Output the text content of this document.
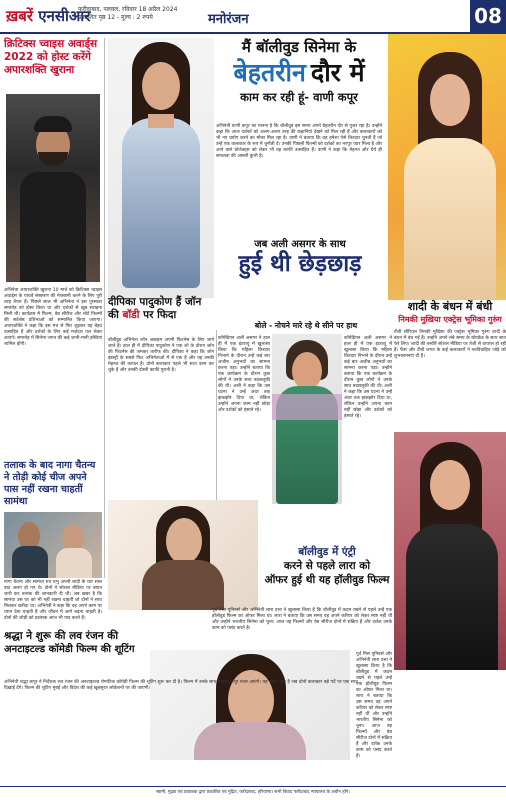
ख़बरें एनसीआर
फरीदाबाद, पलवल, रविवार 18 अप्रैल 2024
प्रकाशित पृष्ठ 12 - मूल्य : 2 रुपये	मनोरंजन	08
क्रिटिक्स च्वाइस अवार्ड्स 2022 को होस्ट करेंगे अपारशक्ति खुराना
अभिनेता अपारशक्ति खुराना 10 मार्च को क्रिटिक्स च्वाइस अवार्ड्स के पांचवें संस्करण की मेजबानी करने के लिए पूरी तरह तैयार हैं। पिछले साल भी अभिनेता ने इस पुरस्कार समारोह को होस्ट किया था और दर्शकों से खूब सराहना मिली थी। कार्यक्रम में फिल्म, वेब सीरीज और शॉर्ट फिल्मों की सर्वश्रेष्ठ प्रतिभाओं को सम्मानित किया जाएगा। अपारशक्ति ने कहा कि इस मंच से फिर जुड़कर वह बेहद उत्साहित हैं और दर्शकों के लिए कई मजेदार पल लेकर आएंगे। समारोह में सिनेमा जगत की कई जानी-मानी हस्तियां शामिल होंगी।
तलाक के बाद नागा चैतन्य ने तोड़ी कोई चीज अपने पास नहीं रखना चाहतीं सामंथा
नागा चैतन्य और सामंथा रुथ प्रभु अपनी शादी के चार साल बाद अलग हो गए थे। दोनों ने सोशल मीडिया पर बयान जारी कर तलाक की जानकारी दी थी। अब खबर है कि सामंथा उस घर को भी नहीं रखना चाहतीं जो दोनों ने साथ मिलकर खरीदा था। अभिनेत्री ने कहा कि वह अपने काम पर ध्यान देना चाहती हैं और जीवन में आगे बढ़ना चाहती हैं। दोनों की जोड़ी को प्रशंसक आज भी याद करते हैं।
मैं बॉलीवुड सिनेमा के
बेहतरीन दौर में
काम कर रही हूं- वाणी कपूर
अभिनेत्री वाणी कपूर का मानना है कि बॉलीवुड इस समय अपने बेहतरीन दौर से गुजर रहा है। उन्होंने कहा कि आज दर्शकों को अलग-अलग तरह की कहानियां देखने को मिल रही हैं और कलाकारों को भी नए प्रयोग करने का मौका मिल रहा है। वाणी ने बताया कि वह हमेशा ऐसे किरदार चुनती हैं जो उन्हें एक कलाकार के रूप में चुनौती दें। उनकी पिछली फिल्मों को दर्शकों का भरपूर प्यार मिला है और आने वाले प्रोजेक्ट्स को लेकर भी वह काफी उत्साहित हैं। वाणी ने कहा कि मेहनत और धैर्य ही सफलता की असली कुंजी है।
जब अली असगर के साथ
हुई थी छेड़छाड़
दीपिका पादुकोण हैं जॉन की बॉडी पर फिदा
बॉलीवुड अभिनेता जॉन अब्राहम अपनी फिटनेस के लिए जाने जाते हैं। हाल ही में दीपिका पादुकोण ने एक शो के दौरान जॉन की फिटनेस की जमकर तारीफ की। दीपिका ने कहा कि जॉन इंडस्ट्री के सबसे फिट अभिनेताओं में से एक हैं और वह उनकी मेहनत की कायल हैं। दोनों कलाकार पहले भी साथ काम कर चुके हैं और उनकी दोस्ती काफी पुरानी है।
बोले - नोचने मारे रहे थे सीने पर हाथ
कॉमेडियन अली असगर ने हाल ही में एक इंटरव्यू में खुलासा किया कि महिला किरदार निभाने के दौरान उन्हें कई बार अजीब अनुभवों का सामना करना पड़ा। उन्होंने बताया कि एक कार्यक्रम के दौरान कुछ लोगों ने उनके साथ बदसलूकी की थी। अली ने कहा कि उस घटना ने उन्हें अंदर तक झकझोर दिया था, लेकिन उन्होंने अपना काम नहीं छोड़ा और दर्शकों को हंसाते रहे।
कॉमेडियन अली असगर ने हाल ही में एक इंटरव्यू में खुलासा किया कि महिला किरदार निभाने के दौरान उन्हें कई बार अजीब अनुभवों का सामना करना पड़ा। उन्होंने बताया कि एक कार्यक्रम के दौरान कुछ लोगों ने उनके साथ बदसलूकी की थी। अली ने कहा कि उस घटना ने उन्हें अंदर तक झकझोर दिया था, लेकिन उन्होंने अपना काम नहीं छोड़ा और दर्शकों को हंसाते रहे।
शादी के बंधन में बंधी
निमकी मुखिया एक्ट्रेस भूमिका गुरुंग
टीवी सीरियल निमकी मुखिया की एक्ट्रेस भूमिका गुरुंग शादी के बंधन में बंध गई हैं। उन्होंने अपने लंबे समय के बॉयफ्रेंड के साथ सात फेरे लिए। शादी की तस्वीरें सोशल मीडिया पर तेजी से वायरल हो रही हैं। फैंस और टीवी जगत के कई कलाकारों ने नवविवाहित जोड़े को शुभकामनाएं दी हैं।
बॉलीवुड में एंट्री
करने से पहले लारा को
ऑफर हुई थी यह हॉलीवुड फिल्म
पूर्व मिस यूनिवर्स और अभिनेत्री लारा दत्ता ने खुलासा किया है कि बॉलीवुड में कदम रखने से पहले उन्हें एक हॉलीवुड फिल्म का ऑफर मिला था। लारा ने बताया कि उस समय वह अपने करियर को लेकर स्पष्ट नहीं थीं और उन्होंने भारतीय सिनेमा को चुना। आज वह फिल्मों और वेब सीरीज दोनों में सक्रिय हैं और दर्शक उनके काम को पसंद करते हैं।
पूर्व मिस यूनिवर्स और अभिनेत्री लारा दत्ता ने खुलासा किया है कि बॉलीवुड में कदम रखने से पहले उन्हें एक हॉलीवुड फिल्म का ऑफर मिला था। लारा ने बताया कि उस समय वह अपने करियर को लेकर स्पष्ट नहीं थीं और उन्होंने भारतीय सिनेमा को चुना। आज वह फिल्मों और वेब सीरीज दोनों में सक्रिय हैं और दर्शक उनके काम को पसंद करते हैं।
श्रद्धा ने शुरू की लव रंजन की
अनटाइटल्ड कॉमेडी फिल्म की शूटिंग
अभिनेत्री श्रद्धा कपूर ने निर्देशक लव रंजन की अनटाइटल्ड रोमांटिक कॉमेडी फिल्म की शूटिंग शुरू कर दी है। फिल्म में उनके साथ रणबीर कपूर नजर आएंगे। यह पहली बार है जब दोनों कलाकार बड़े पर्दे पर एक साथ दिखाई देंगे। फिल्म की शूटिंग मुंबई और विदेश की कई खूबसूरत लोकेशनों पर की जाएगी।
स्वामी, मुद्रक एवं प्रकाशक द्वारा प्रकाशित एवं मुद्रित, फरीदाबाद, हरियाणा। सभी विवाद फरीदाबाद न्यायालय के अधीन होंगे।
